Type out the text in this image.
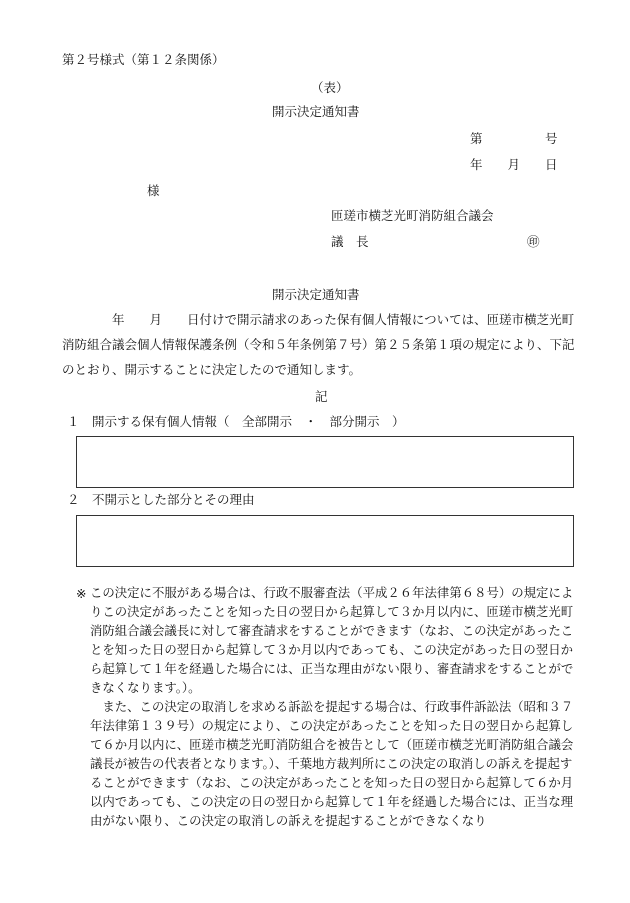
第２号様式（第１２条関係）
（表）
開示決定通知書
第　　　　　号
年　　月　　日
様
匝瑳市横芝光町消防組合議会
議　長	㊞
開示決定通知書
　　　　年　　月　　日付けで開示請求のあった保有個人情報については、匝瑳市横芝光町消防組合議会個人情報保護条例（令和５年条例第７号）第２５条第１項の規定により、下記のとおり、開示することに決定したので通知します。
記
１　開示する保有個人情報（　全部開示　・　部分開示　）
２　不開示とした部分とその理由
※ この決定に不服がある場合は、行政不服審査法（平成２６年法律第６８号）の規定によりこの決定があったことを知った日の翌日から起算して３か月以内に、匝瑳市横芝光町消防組合議会議長に対して審査請求をすることができます（なお、この決定があったことを知った日の翌日から起算して３か月以内であっても、この決定があった日の翌日から起算して１年を経過した場合には、正当な理由がない限り、審査請求をすることができなくなります。）。
また、この決定の取消しを求める訴訟を提起する場合は、行政事件訴訟法（昭和３７年法律第１３９号）の規定により、この決定があったことを知った日の翌日から起算して６か月以内に、匝瑳市横芝光町消防組合を被告として（匝瑳市横芝光町消防組合議会議長が被告の代表者となります。）、千葉地方裁判所にこの決定の取消しの訴えを提起することができます（なお、この決定があったことを知った日の翌日から起算して６か月以内であっても、この決定の日の翌日から起算して１年を経過した場合には、正当な理由がない限り、この決定の取消しの訴えを提起することができなくなり
